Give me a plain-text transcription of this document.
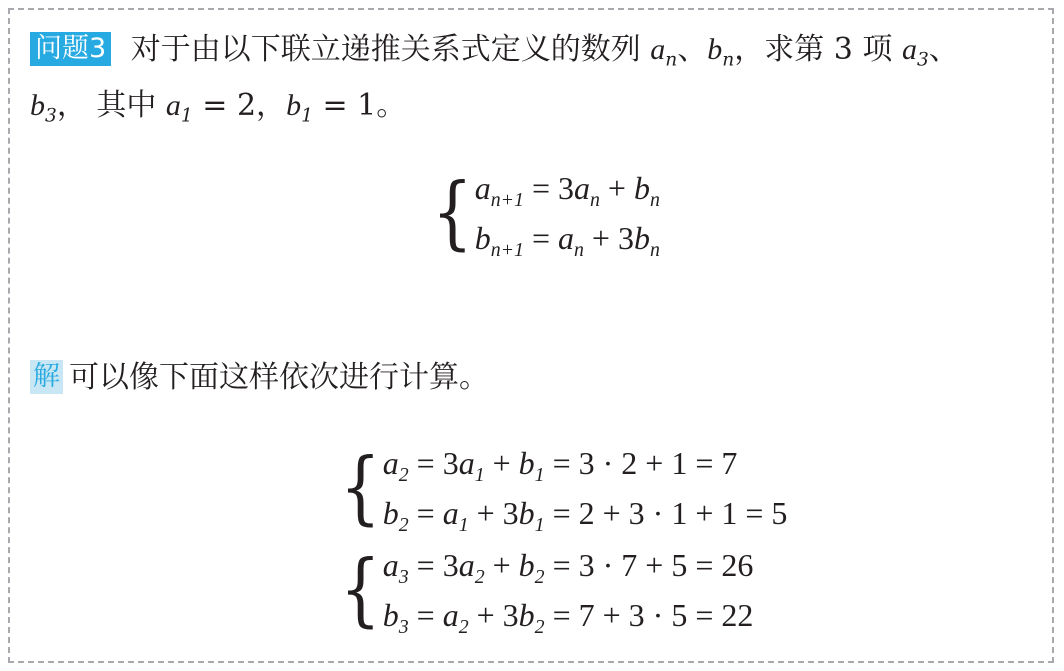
问题3 对于由以下联立递推关系式定义的数列 $a_n$、$b_n$，求第 3 项 $a_3$、
$b_3$， 其中 $a_1 = 2$，$b_1 = 1$。
{ $a_{n+1} = 3a_n + b_n$
$b_{n+1} = a_n + 3b_n$
解 可以像下面这样依次进行计算。
{ $a_2 = 3a_1 + b_1 = 3 \cdot 2 + 1 = 7$
$b_2 = a_1 + 3b_1 = 2 + 3 \cdot 1 + 1 = 5$
{ $a_3 = 3a_2 + b_2 = 3 \cdot 7 + 5 = 26$
$b_3 = a_2 + 3b_2 = 7 + 3 \cdot 5 = 22$
